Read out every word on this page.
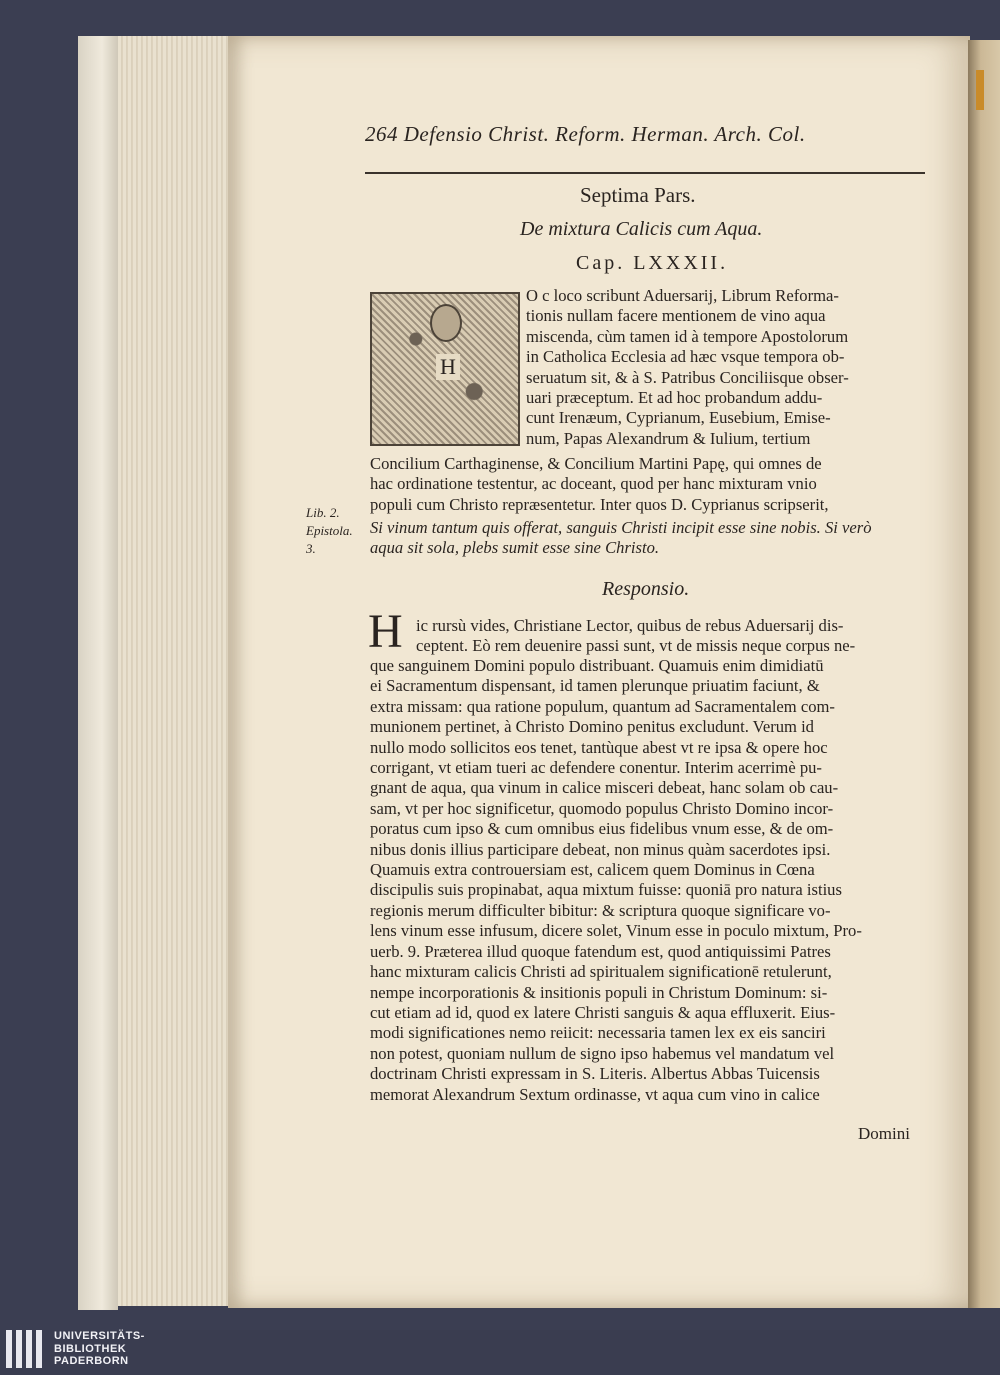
264 Defensio Christ. Reform. Herman. Arch. Col.
Septima Pars.
De mixtura Calicis cum Aqua.
Cap. LXXXII.
H
O c loco scribunt Aduersarij, Librum Reforma-
tionis nullam facere mentionem de vino aqua
miscenda, cùm tamen id à tempore Apostolorum
in Catholica Ecclesia ad hæc vsque tempora ob-
seruatum sit, & à S. Patribus Conciliisque obser-
uari præceptum. Et ad hoc probandum addu-
cunt Irenæum, Cyprianum, Eusebium, Emise-
num, Papas Alexandrum & Iulium, tertium
Concilium Carthaginense, & Concilium Martini Papę, qui omnes de
hac ordinatione testentur, ac doceant, quod per hanc mixturam vnio
populi cum Christo repræsentetur. Inter quos D. Cyprianus scripserit,
Lib. 2.
Epistola.
3.
Si vinum tantum quis offerat, sanguis Christi incipit esse sine nobis. Si verò
aqua sit sola, plebs sumit esse sine Christo.
Responsio.
H ic rursù vides, Christiane Lector, quibus de rebus Aduersarij dis-
ceptent. Eò rem deuenire passi sunt, vt de missis neque corpus ne-
que sanguinem Domini populo distribuant. Quamuis enim dimidiatū
ei Sacramentum dispensant, id tamen plerunque priuatim faciunt, &
extra missam: qua ratione populum, quantum ad Sacramentalem com-
munionem pertinet, à Christo Domino penitus excludunt. Verum id
nullo modo sollicitos eos tenet, tantùque abest vt re ipsa & opere hoc
corrigant, vt etiam tueri ac defendere conentur. Interim acerrimè pu-
gnant de aqua, qua vinum in calice misceri debeat, hanc solam ob cau-
sam, vt per hoc significetur, quomodo populus Christo Domino incor-
poratus cum ipso & cum omnibus eius fidelibus vnum esse, & de om-
nibus donis illius participare debeat, non minus quàm sacerdotes ipsi.
Quamuis extra controuersiam est, calicem quem Dominus in Cœna
discipulis suis propinabat, aqua mixtum fuisse: quoniā pro natura istius
regionis merum difficulter bibitur: & scriptura quoque significare vo-
lens vinum esse infusum, dicere solet, Vinum esse in poculo mixtum, Pro-
uerb. 9. Præterea illud quoque fatendum est, quod antiquissimi Patres
hanc mixturam calicis Christi ad spiritualem significationē retulerunt,
nempe incorporationis & insitionis populi in Christum Dominum: si-
cut etiam ad id, quod ex latere Christi sanguis & aqua effluxerit. Eius-
modi significationes nemo reiicit: necessaria tamen lex ex eis sanciri
non potest, quoniam nullum de signo ipso habemus vel mandatum vel
doctrinam Christi expressam in S. Literis. Albertus Abbas Tuicensis
memorat Alexandrum Sextum ordinasse, vt aqua cum vino in calice
Domini
UNIVERSITÄTS-
BIBLIOTHEK
PADERBORN
